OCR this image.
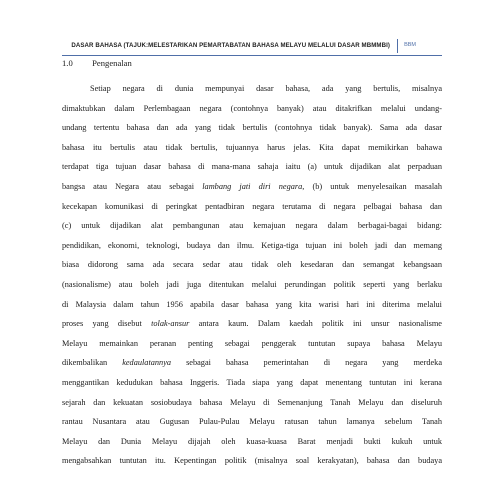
DASAR BAHASA (TAJUK:MELESTARIKAN PEMARTABATAN BAHASA MELAYU MELALUI DASAR MBMMBI)	BBM
1.0 Pengenalan
Setiap negara di dunia mempunyai dasar bahasa, ada yang bertulis, misalnya
dimaktubkan dalam Perlembagaan negara (contohnya banyak) atau ditakrifkan melalui undang-
undang tertentu bahasa dan ada yang tidak bertulis (contohnya tidak banyak). Sama ada dasar
bahasa itu bertulis atau tidak bertulis, tujuannya harus jelas. Kita dapat memikirkan bahawa
terdapat tiga tujuan dasar bahasa di mana-mana sahaja iaitu (a) untuk dijadikan alat perpaduan
bangsa atau Negara atau sebagai lambang jati diri negara, (b) untuk menyelesaikan masalah
kecekapan komunikasi di peringkat pentadbiran negara terutama di negara pelbagai bahasa dan
(c) untuk dijadikan alat pembangunan atau kemajuan negara dalam berbagai-bagai bidang:
pendidikan, ekonomi, teknologi, budaya dan ilmu. Ketiga-tiga tujuan ini boleh jadi dan memang
biasa didorong sama ada secara sedar atau tidak oleh kesedaran dan semangat kebangsaan
(nasionalisme) atau boleh jadi juga ditentukan melalui perundingan politik seperti yang berlaku
di Malaysia dalam tahun 1956 apabila dasar bahasa yang kita warisi hari ini diterima melalui
proses yang disebut tolak-ansur antara kaum. Dalam kaedah politik ini unsur nasionalisme
Melayu memainkan peranan penting sebagai penggerak tuntutan supaya bahasa Melayu
dikembalikan kedaulatannya sebagai bahasa pemerintahan di negara yang merdeka
menggantikan kedudukan bahasa Inggeris. Tiada siapa yang dapat menentang tuntutan ini kerana
sejarah dan kekuatan sosiobudaya bahasa Melayu di Semenanjung Tanah Melayu dan diseluruh
rantau Nusantara atau Gugusan Pulau-Pulau Melayu ratusan tahun lamanya sebelum Tanah
Melayu dan Dunia Melayu dijajah oleh kuasa-kuasa Barat menjadi bukti kukuh untuk
mengabsahkan tuntutan itu. Kepentingan politik (misalnya soal kerakyatan), bahasa dan budaya
